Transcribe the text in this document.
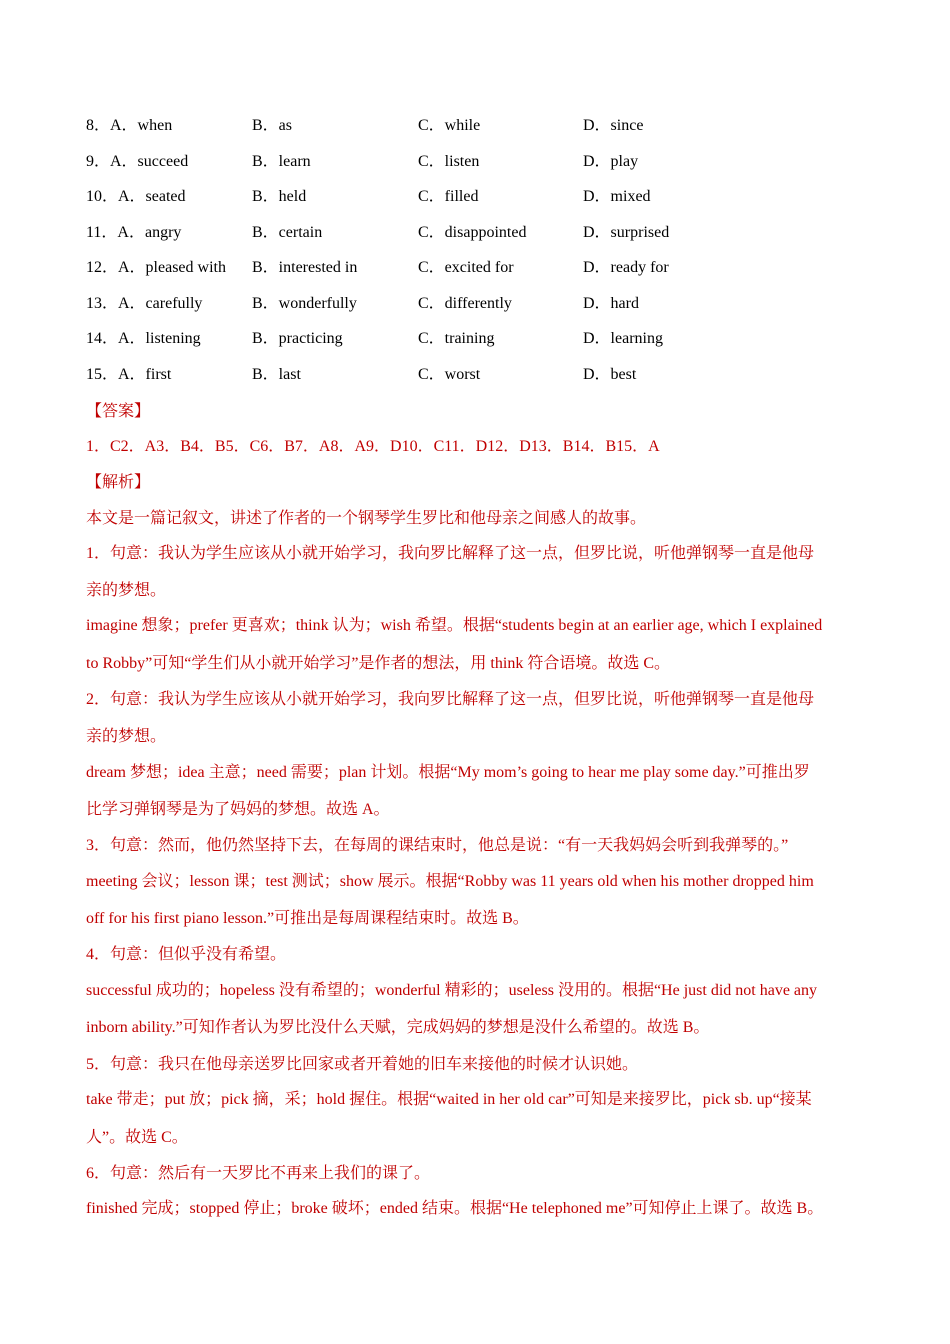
8．A．when	B．as	C．while	D．since
9．A．succeed	B．learn	C．listen	D．play
10．A．seated	B．held	C．filled	D．mixed
11．A．angry	B．certain	C．disappointed	D．surprised
12．A．pleased with B．interested in	C．excited for	D．ready for
13．A．carefully	B．wonderfully	C．differently	D．hard
14．A．listening	B．practicing	C．training	D．learning
15．A．first	B．last	C．worst	D．best
【答案】
1．C2．A3．B4．B5．C6．B7．A8．A9．D10．C11．D12．D13．B14．B15．A
【解析】
本文是一篇记叙文，讲述了作者的一个钢琴学生罗比和他母亲之间感人的故事。
1．句意：我认为学生应该从小就开始学习，我向罗比解释了这一点，但罗比说，听他弹钢琴一直是他母
亲的梦想。
imagine 想象；prefer 更喜欢；think 认为；wish 希望。根据“students begin at an earlier age, which I explained
to Robby”可知“学生们从小就开始学习”是作者的想法，用 think 符合语境。故选 C。
2．句意：我认为学生应该从小就开始学习，我向罗比解释了这一点，但罗比说，听他弹钢琴一直是他母
亲的梦想。
dream 梦想；idea 主意；need 需要；plan 计划。根据“My mom’s going to hear me play some day.”可推出罗
比学习弹钢琴是为了妈妈的梦想。故选 A。
3．句意：然而，他仍然坚持下去，在每周的课结束时，他总是说：“有一天我妈妈会听到我弹琴的。”
meeting 会议；lesson 课；test 测试；show 展示。根据“Robby was 11 years old when his mother dropped him
off for his first piano lesson.”可推出是每周课程结束时。故选 B。
4．句意：但似乎没有希望。
successful 成功的；hopeless 没有希望的；wonderful 精彩的；useless 没用的。根据“He just did not have any
inborn ability.”可知作者认为罗比没什么天赋，完成妈妈的梦想是没什么希望的。故选 B。
5．句意：我只在他母亲送罗比回家或者开着她的旧车来接他的时候才认识她。
take 带走；put 放；pick 摘，采；hold 握住。根据“waited in her old car”可知是来接罗比，pick sb. up“接某
人”。故选 C。
6．句意：然后有一天罗比不再来上我们的课了。
finished 完成；stopped 停止；broke 破坏；ended 结束。根据“He telephoned me”可知停止上课了。故选 B。
